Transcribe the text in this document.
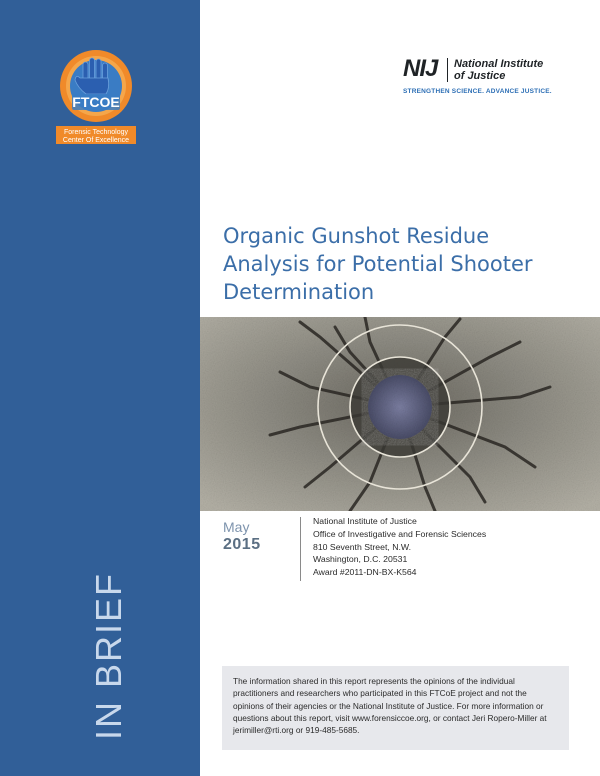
FTCOE
Forensic Technology
Center Of Excellence
IN BRIEF
NIJ National Institute
of Justice
STRENGTHEN SCIENCE. ADVANCE JUSTICE.
Organic Gunshot Residue
Analysis for Potential Shooter
Determination
May
2015
National Institute of Justice
Office of Investigative and Forensic Sciences
810 Seventh Street, N.W.
Washington, D.C. 20531
Award #2011-DN-BX-K564

The information shared in this report represents the opinions of the individual practitioners and researchers who participated in this FTCoE project and not the opinions of their agencies or the National Institute of Justice. For more information or questions about this report, visit www.forensiccoe.org, or contact Jeri Ropero-Miller at jerimiller@rti.org or 919-485-5685.
